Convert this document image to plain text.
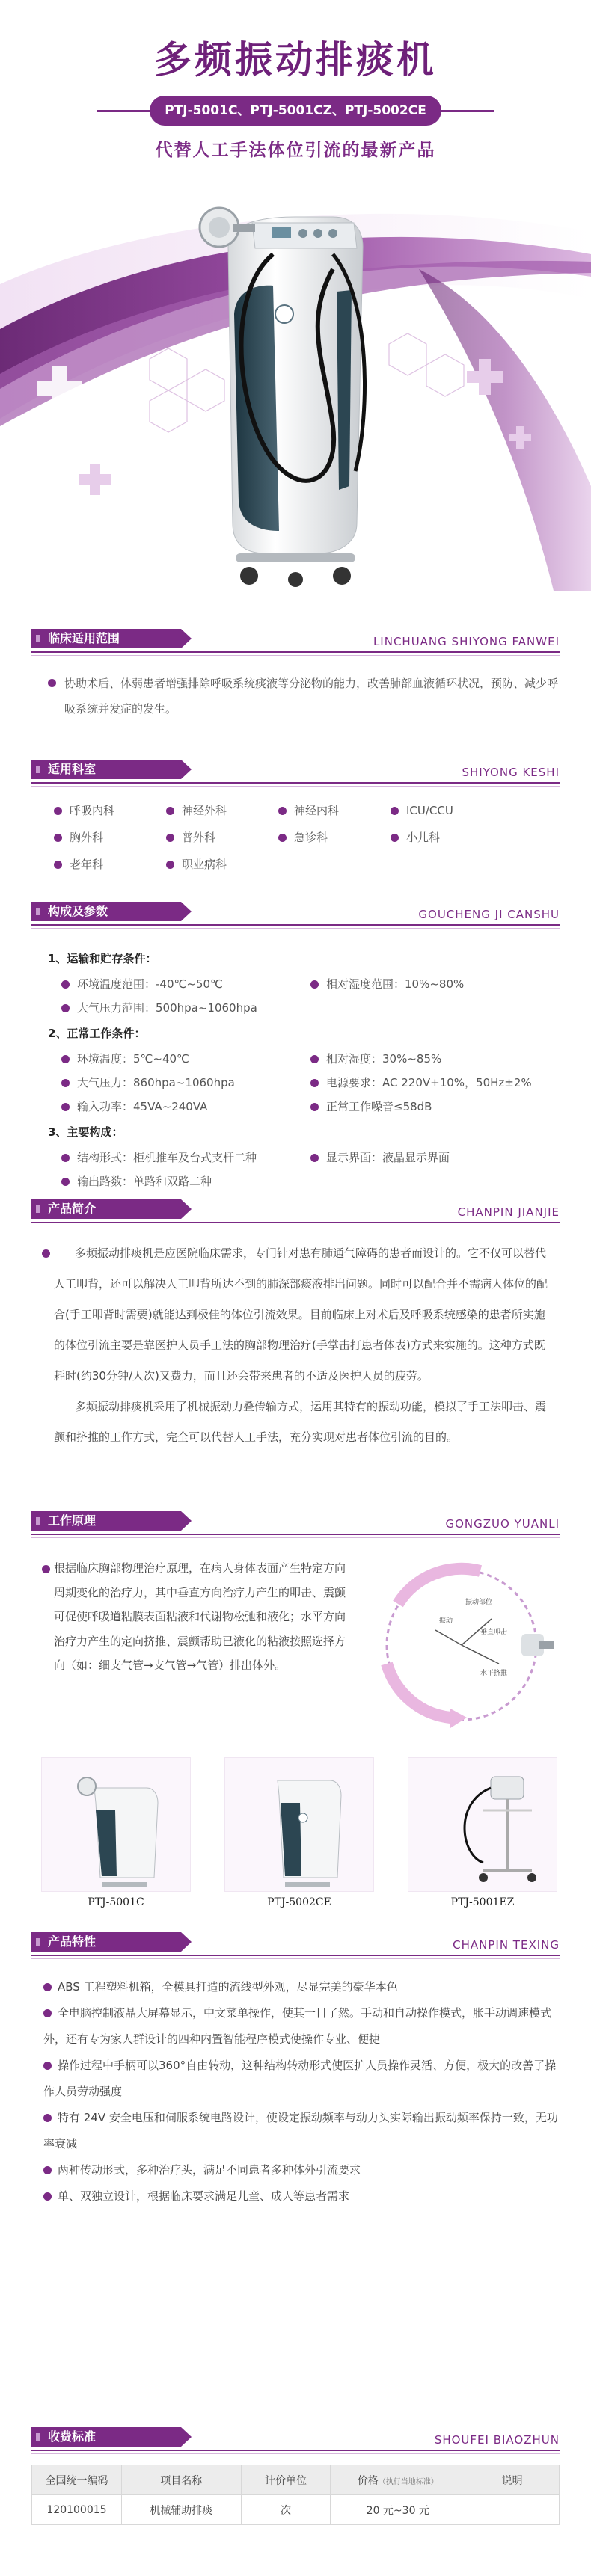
多频振动排痰机
PTJ-5001C、PTJ-5001CZ、PTJ-5002CE
代替人工手法体位引流的最新产品
临床适用范围	LINCHUANG SHIYONG FANWEI
协助术后、体弱患者增强排除呼吸系统痰液等分泌物的能力，改善肺部血液循环状况，预防、减少呼吸系统并发症的发生。
适用科室	SHIYONG KESHI
呼吸内科	神经外科	神经内科	ICU/CCU
胸外科	普外科	急诊科	小儿科
老年科	职业病科
构成及参数	GOUCHENG JI CANSHU
1、运输和贮存条件：
环境温度范围：-40℃~50℃	相对湿度范围：10%~80%
大气压力范围：500hpa~1060hpa
2、正常工作条件：
环境温度：5℃~40℃	相对湿度：30%~85%
大气压力：860hpa~1060hpa	电源要求：AC 220V+10%，50Hz±2%
输入功率：45VA~240VA	正常工作噪音≤58dB
3、主要构成：
结构形式：柜机推车及台式支杆二种	显示界面：液晶显示界面
输出路数：单路和双路二种
产品简介	CHANPIN JIANJIE

多频振动排痰机是应医院临床需求，专门针对患有肺通气障碍的患者而设计的。它不仅可以替代人工叩背，还可以解决人工叩背所达不到的肺深部痰液排出问题。同时可以配合并不需病人体位的配合(手工叩背时需要)就能达到极佳的体位引流效果。目前临床上对术后及呼吸系统感染的患者所实施的体位引流主要是靠医护人员手工法的胸部物理治疗(手掌击打患者体表)方式来实施的。这种方式既耗时(约30分钟/人次)又费力，而且还会带来患者的不适及医护人员的疲劳。

多频振动排痰机采用了机械振动力叠传输方式，运用其特有的振动功能，模拟了手工法叩击、震颤和挤推的工作方式，完全可以代替人工手法，充分实现对患者体位引流的目的。

工作原理	GONGZUO YUANLI
根据临床胸部物理治疗原理，在病人身体表面产生特定方向周期变化的治疗力，其中垂直方向治疗力产生的叩击、震颤可促使呼吸道粘膜表面粘液和代谢物松弛和液化；水平方向治疗力产生的定向挤推、震颤帮助已液化的粘液按照选择方向（如：细支气管→支气管→气管）排出体外。
振动部位
振动
水平挤推
垂直叩击
PTJ-5001C	PTJ-5002CE	PTJ-5001EZ
产品特性	CHANPIN TEXING
ABS 工程塑料机箱，全模具打造的流线型外观，尽显完美的豪华本色
全电脑控制液晶大屏幕显示，中文菜单操作，使其一目了然。手动和自动操作模式，胀手动调速模式外，还有专为家人群设计的四种内置智能程序模式使操作专业、便捷
操作过程中手柄可以360°自由转动，这种结构转动形式使医护人员操作灵活、方便，极大的改善了操作人员劳动强度
特有 24V 安全电压和伺服系统电路设计，使设定振动频率与动力头实际输出振动频率保持一致，无功率衰减
两种传动形式，多种治疗头，满足不同患者多种体外引流要求
单、双独立设计，根据临床要求满足儿童、成人等患者需求
收费标准	SHOUFEI BIAOZHUN
全国统一编码	项目名称	计价单位	价格（执行当地标准）	说明
120100015	机械辅助排痰	次	20 元~30 元	
